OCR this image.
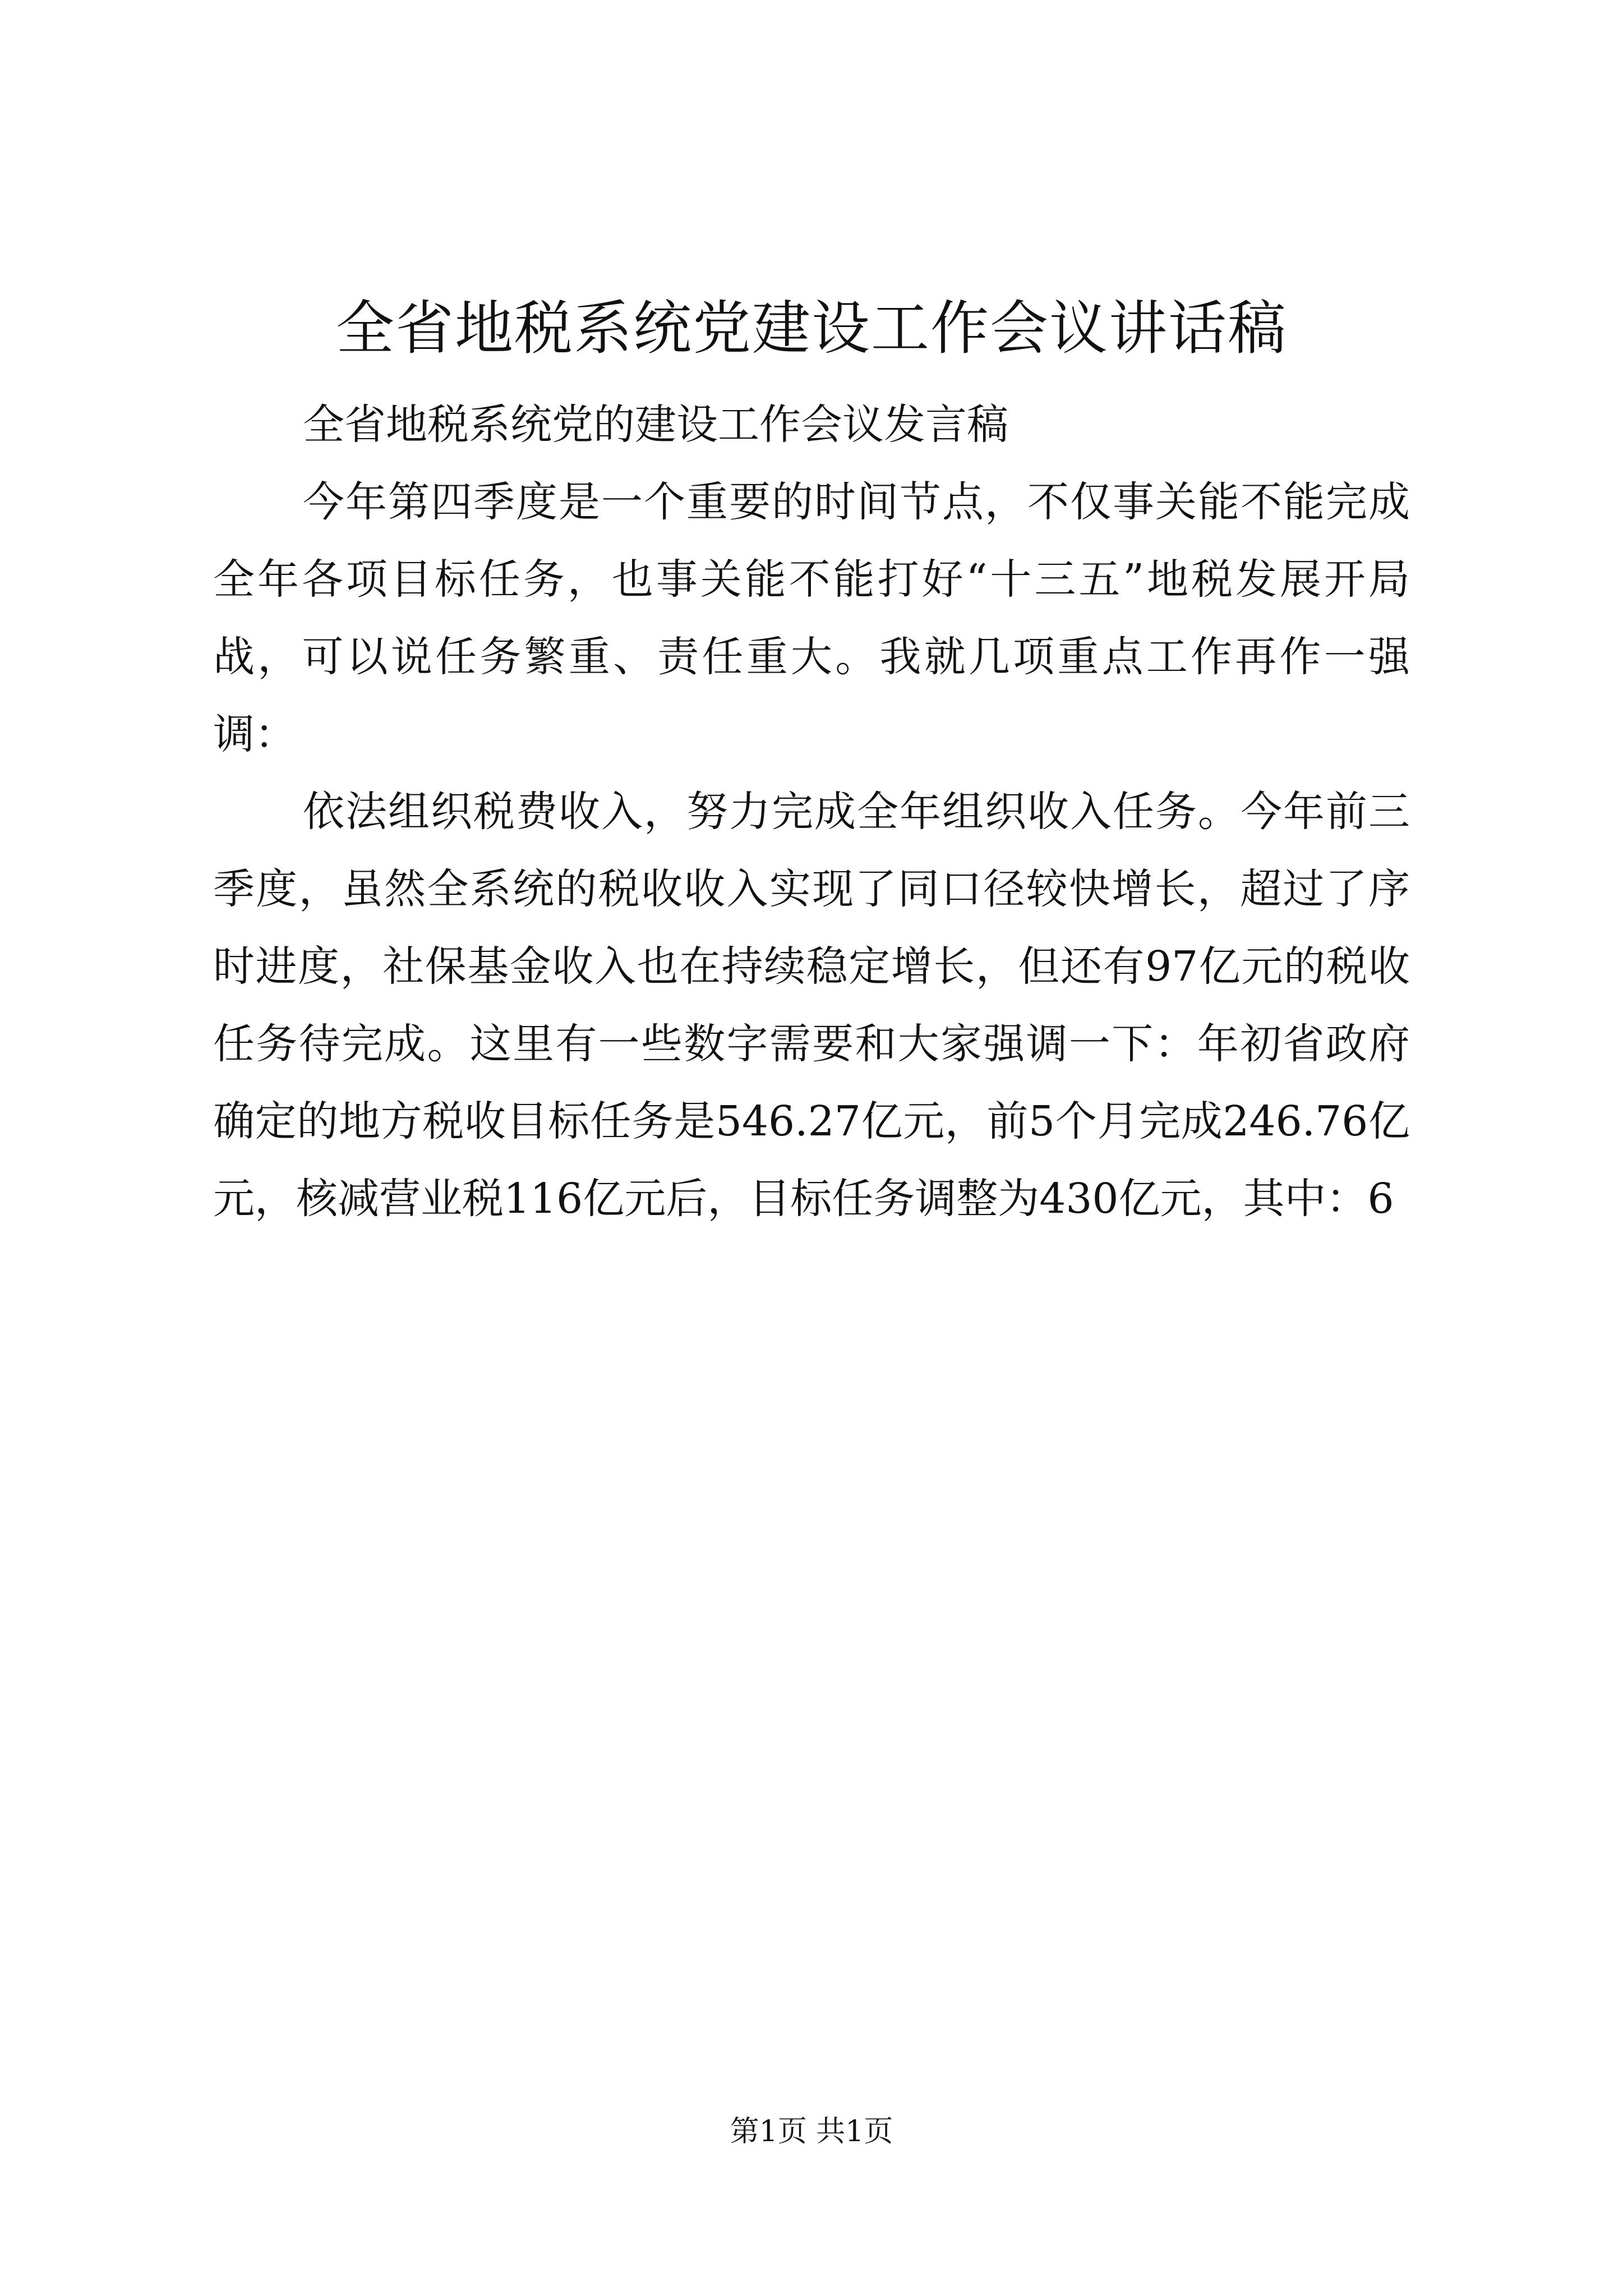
全省地税系统党建设工作会议讲话稿

全省地税系统党的建设工作会议发言稿

今年第四季度是一个重要的时间节点，不仅事关能不能完成全年各项目标任务，也事关能不能打好“十三五”地税发展开局战，可以说任务繁重、责任重大。我就几项重点工作再作一强调：

依法组织税费收入，努力完成全年组织收入任务。今年前三季度，虽然全系统的税收收入实现了同口径较快增长，超过了序时进度，社保基金收入也在持续稳定增长，但还有97亿元的税收任务待完成。这里有一些数字需要和大家强调一下：年初省政府确定的地方税收目标任务是546.27亿元，前5个月完成246.76亿元，核减营业税116亿元后，目标任务调整为430亿元，其中：6

第1页 共1页
